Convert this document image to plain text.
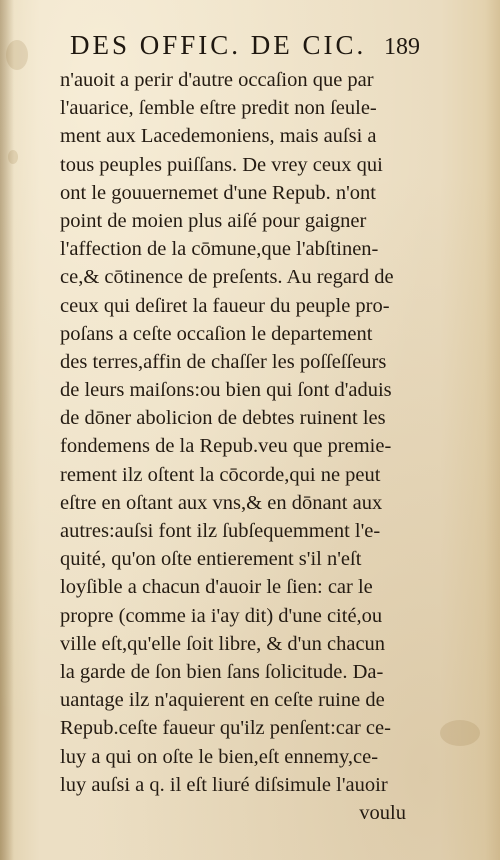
DES OFFIC. DE CIC. 189
n'auoit a perir d'autre occaſion que par
l'auarice, ſemble eſtre predit non ſeule-
ment aux Lacedemoniens, mais auſsi a
tous peuples puiſſans. De vrey ceux qui
ont le gouuernemet d'une Repub. n'ont
point de moien plus aiſé pour gaigner
l'affection de la cōmune,que l'abſtinen-
ce,& cōtinence de preſents. Au regard de
ceux qui deſiret la faueur du peuple pro-
poſans a ceſte occaſion le departement
des terres,affin de chaſſer les poſſeſſeurs
de leurs maiſons:ou bien qui ſont d'aduis
de dōner abolicion de debtes ruinent les
fondemens de la Repub.veu que premie-
rement ilz oſtent la cōcorde,qui ne peut
eſtre en oſtant aux vns,& en dōnant aux
autres:auſsi font ilz ſubſequemment l'e-
quité, qu'on oſte entierement s'il n'eſt
loyſible a chacun d'auoir le ſien: car le
propre (comme ia i'ay dit) d'une cité,ou
ville eſt,qu'elle ſoit libre, & d'un chacun
la garde de ſon bien ſans ſolicitude. Da-
uantage ilz n'aquierent en ceſte ruine de
Repub.ceſte faueur qu'ilz penſent:car ce-
luy a qui on oſte le bien,eſt ennemy,ce-
luy auſsi a q. il eſt liuré diſsimule l'auoir
voulu
